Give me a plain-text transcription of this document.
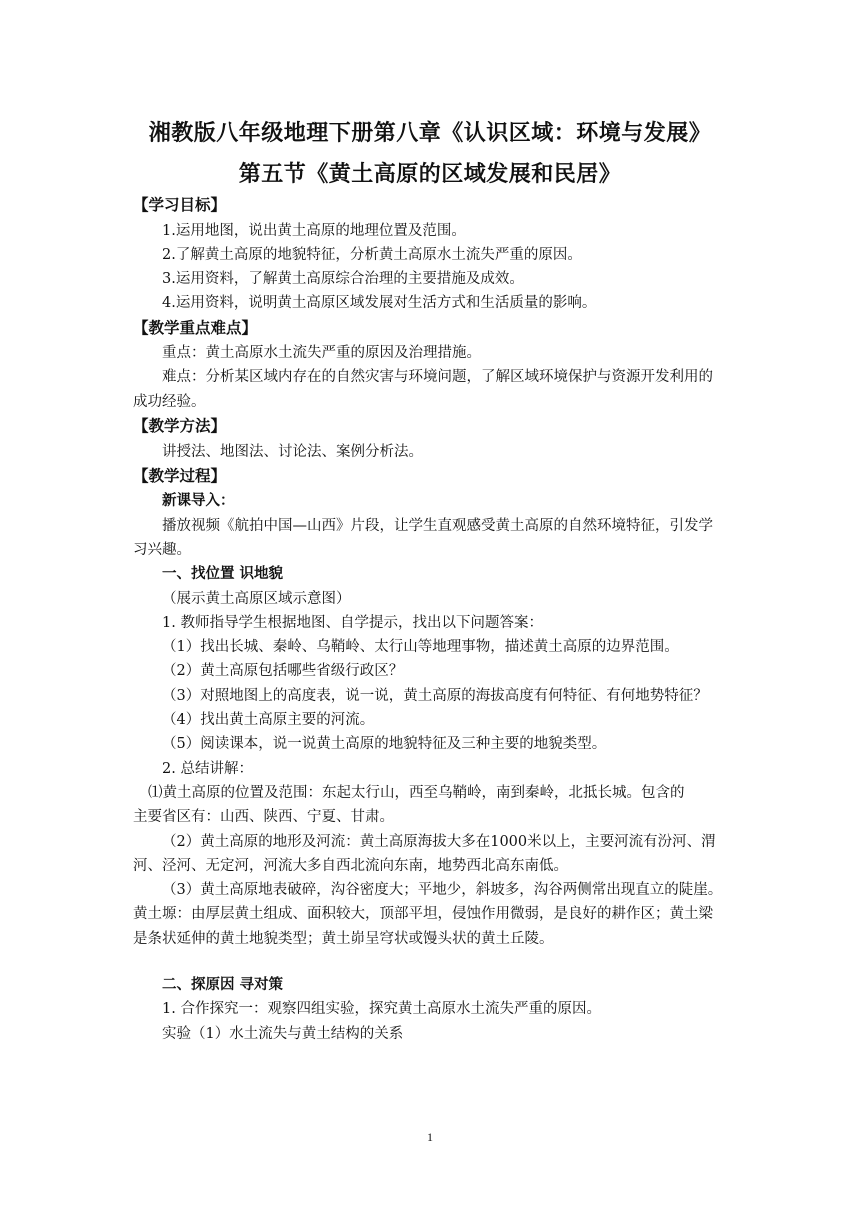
湘教版八年级地理下册第八章《认识区域：环境与发展》
第五节《黄土高原的区域发展和民居》
【学习目标】
1.运用地图，说出黄土高原的地理位置及范围。
2.了解黄土高原的地貌特征，分析黄土高原水土流失严重的原因。
3.运用资料，了解黄土高原综合治理的主要措施及成效。
4.运用资料，说明黄土高原区域发展对生活方式和生活质量的影响。
【教学重点难点】
重点：黄土高原水土流失严重的原因及治理措施。
难点：分析某区域内存在的自然灾害与环境问题，了解区域环境保护与资源开发利用的
成功经验。
【教学方法】
讲授法、地图法、讨论法、案例分析法。
【教学过程】
新课导入：
播放视频《航拍中国—山西》片段，让学生直观感受黄土高原的自然环境特征，引发学
习兴趣。
一、找位置 识地貌
（展示黄土高原区域示意图）
1. 教师指导学生根据地图、自学提示，找出以下问题答案：
（1）找出长城、秦岭、乌鞘岭、太行山等地理事物，描述黄土高原的边界范围。
（2）黄土高原包括哪些省级行政区？
（3）对照地图上的高度表，说一说，黄土高原的海拔高度有何特征、有何地势特征？
（4）找出黄土高原主要的河流。
（5）阅读课本，说一说黄土高原的地貌特征及三种主要的地貌类型。
2. 总结讲解：
⑴黄土高原的位置及范围：东起太行山，西至乌鞘岭，南到秦岭，北抵长城。包含的
主要省区有：山西、陕西、宁夏、甘肃。
（2）黄土高原的地形及河流：黄土高原海拔大多在1000米以上，主要河流有汾河、渭
河、泾河、无定河，河流大多自西北流向东南，地势西北高东南低。
（3）黄土高原地表破碎，沟谷密度大；平地少，斜坡多，沟谷两侧常出现直立的陡崖。
黄土塬：由厚层黄土组成、面积较大，顶部平坦，侵蚀作用微弱，是良好的耕作区；黄土梁
是条状延伸的黄土地貌类型；黄土峁呈穹状或馒头状的黄土丘陵。
二、探原因 寻对策
1. 合作探究一：观察四组实验，探究黄土高原水土流失严重的原因。
实验（1）水土流失与黄土结构的关系
1
